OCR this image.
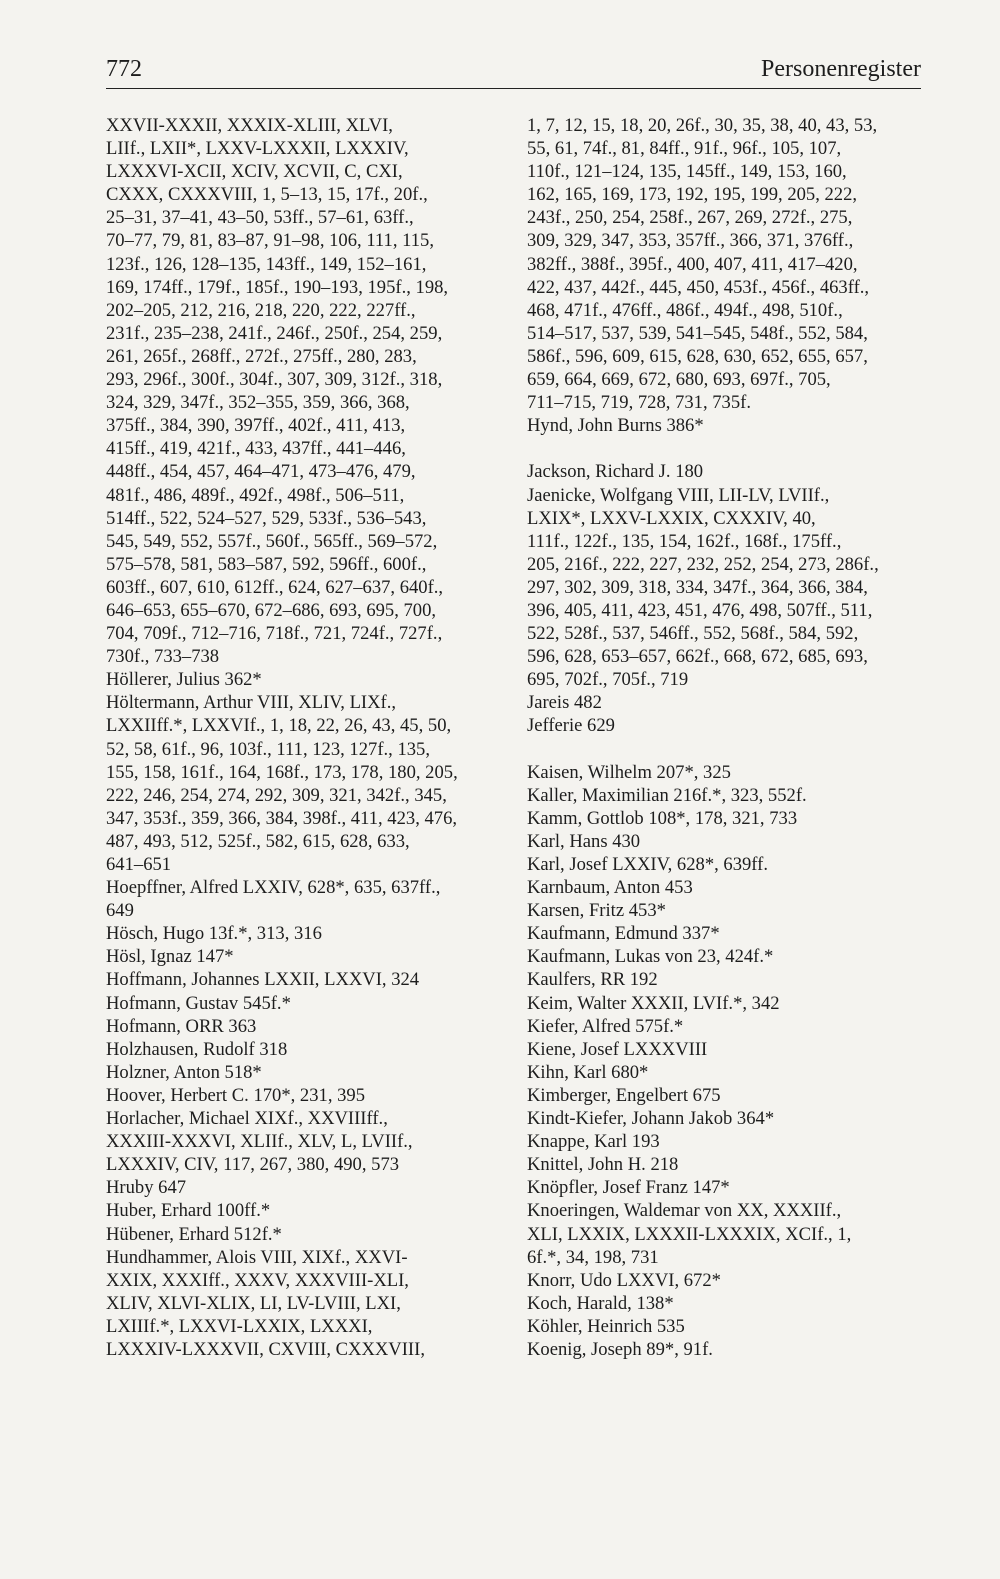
772	Personenregister
XXVII-XXXII, XXXIX-XLIII, XLVI,
LIIf., LXII*, LXXV-LXXXII, LXXXIV,
LXXXVI-XCII, XCIV, XCVII, C, CXI,
CXXX, CXXXVIII, 1, 5–13, 15, 17f., 20f.,
25–31, 37–41, 43–50, 53ff., 57–61, 63ff.,
70–77, 79, 81, 83–87, 91–98, 106, 111, 115,
123f., 126, 128–135, 143ff., 149, 152–161,
169, 174ff., 179f., 185f., 190–193, 195f., 198,
202–205, 212, 216, 218, 220, 222, 227ff.,
231f., 235–238, 241f., 246f., 250f., 254, 259,
261, 265f., 268ff., 272f., 275ff., 280, 283,
293, 296f., 300f., 304f., 307, 309, 312f., 318,
324, 329, 347f., 352–355, 359, 366, 368,
375ff., 384, 390, 397ff., 402f., 411, 413,
415ff., 419, 421f., 433, 437ff., 441–446,
448ff., 454, 457, 464–471, 473–476, 479,
481f., 486, 489f., 492f., 498f., 506–511,
514ff., 522, 524–527, 529, 533f., 536–543,
545, 549, 552, 557f., 560f., 565ff., 569–572,
575–578, 581, 583–587, 592, 596ff., 600f.,
603ff., 607, 610, 612ff., 624, 627–637, 640f.,
646–653, 655–670, 672–686, 693, 695, 700,
704, 709f., 712–716, 718f., 721, 724f., 727f.,
730f., 733–738
Höllerer, Julius 362*
Höltermann, Arthur VIII, XLIV, LIXf.,
LXXIIff.*, LXXVIf., 1, 18, 22, 26, 43, 45, 50,
52, 58, 61f., 96, 103f., 111, 123, 127f., 135,
155, 158, 161f., 164, 168f., 173, 178, 180, 205,
222, 246, 254, 274, 292, 309, 321, 342f., 345,
347, 353f., 359, 366, 384, 398f., 411, 423, 476,
487, 493, 512, 525f., 582, 615, 628, 633,
641–651
Hoepffner, Alfred LXXIV, 628*, 635, 637ff.,
649
Hösch, Hugo 13f.*, 313, 316
Hösl, Ignaz 147*
Hoffmann, Johannes LXXII, LXXVI, 324
Hofmann, Gustav 545f.*
Hofmann, ORR 363
Holzhausen, Rudolf 318
Holzner, Anton 518*
Hoover, Herbert C. 170*, 231, 395
Horlacher, Michael XIXf., XXVIIIff.,
XXXIII-XXXVI, XLIIf., XLV, L, LVIIf.,
LXXXIV, CIV, 117, 267, 380, 490, 573
Hruby 647
Huber, Erhard 100ff.*
Hübener, Erhard 512f.*
Hundhammer, Alois VIII, XIXf., XXVI-
XXIX, XXXIff., XXXV, XXXVIII-XLI,
XLIV, XLVI-XLIX, LI, LV-LVIII, LXI,
LXIIIf.*, LXXVI-LXXIX, LXXXI,
LXXXIV-LXXXVII, CXVIII, CXXXVIII,
1, 7, 12, 15, 18, 20, 26f., 30, 35, 38, 40, 43, 53,
55, 61, 74f., 81, 84ff., 91f., 96f., 105, 107,
110f., 121–124, 135, 145ff., 149, 153, 160,
162, 165, 169, 173, 192, 195, 199, 205, 222,
243f., 250, 254, 258f., 267, 269, 272f., 275,
309, 329, 347, 353, 357ff., 366, 371, 376ff.,
382ff., 388f., 395f., 400, 407, 411, 417–420,
422, 437, 442f., 445, 450, 453f., 456f., 463ff.,
468, 471f., 476ff., 486f., 494f., 498, 510f.,
514–517, 537, 539, 541–545, 548f., 552, 584,
586f., 596, 609, 615, 628, 630, 652, 655, 657,
659, 664, 669, 672, 680, 693, 697f., 705,
711–715, 719, 728, 731, 735f.
Hynd, John Burns 386*
Jackson, Richard J. 180
Jaenicke, Wolfgang VIII, LII-LV, LVIIf.,
LXIX*, LXXV-LXXIX, CXXXIV, 40,
111f., 122f., 135, 154, 162f., 168f., 175ff.,
205, 216f., 222, 227, 232, 252, 254, 273, 286f.,
297, 302, 309, 318, 334, 347f., 364, 366, 384,
396, 405, 411, 423, 451, 476, 498, 507ff., 511,
522, 528f., 537, 546ff., 552, 568f., 584, 592,
596, 628, 653–657, 662f., 668, 672, 685, 693,
695, 702f., 705f., 719
Jareis 482
Jefferie 629
Kaisen, Wilhelm 207*, 325
Kaller, Maximilian 216f.*, 323, 552f.
Kamm, Gottlob 108*, 178, 321, 733
Karl, Hans 430
Karl, Josef LXXIV, 628*, 639ff.
Karnbaum, Anton 453
Karsen, Fritz 453*
Kaufmann, Edmund 337*
Kaufmann, Lukas von 23, 424f.*
Kaulfers, RR 192
Keim, Walter XXXII, LVIf.*, 342
Kiefer, Alfred 575f.*
Kiene, Josef LXXXVIII
Kihn, Karl 680*
Kimberger, Engelbert 675
Kindt-Kiefer, Johann Jakob 364*
Knappe, Karl 193
Knittel, John H. 218
Knöpfler, Josef Franz 147*
Knoeringen, Waldemar von XX, XXXIIf.,
XLI, LXXIX, LXXXII-LXXXIX, XCIf., 1,
6f.*, 34, 198, 731
Knorr, Udo LXXVI, 672*
Koch, Harald, 138*
Köhler, Heinrich 535
Koenig, Joseph 89*, 91f.
